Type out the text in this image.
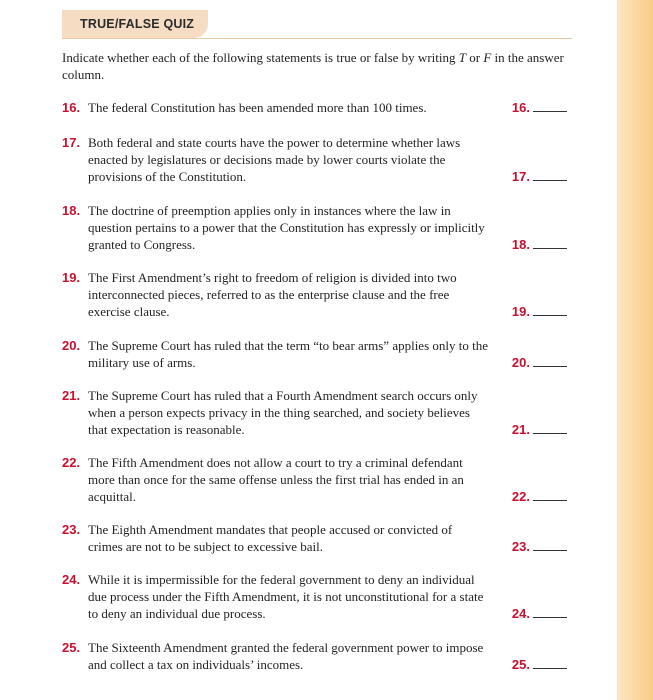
TRUE/FALSE QUIZ
Indicate whether each of the following statements is true or false by writing T or F in the answer column.
16. The federal Constitution has been amended more than 100 times.	16.
17. Both federal and state courts have the power to determine whether laws enacted by legislatures or decisions made by lower courts violate the provisions of the Constitution.	17.
18. The doctrine of preemption applies only in instances where the law in question pertains to a power that the Constitution has expressly or implicitly granted to Congress.	18.
19. The First Amendment’s right to freedom of religion is divided into two interconnected pieces, referred to as the enterprise clause and the free exercise clause.	19.
20. The Supreme Court has ruled that the term “to bear arms” applies only to the military use of arms.	20.
21. The Supreme Court has ruled that a Fourth Amendment search occurs only when a person expects privacy in the thing searched, and society believes that expectation is reasonable.	21.
22. The Fifth Amendment does not allow a court to try a criminal defendant more than once for the same offense unless the first trial has ended in an acquittal.	22.
23. The Eighth Amendment mandates that people accused or convicted of crimes are not to be subject to excessive bail.	23.
24. While it is impermissible for the federal government to deny an individual due process under the Fifth Amendment, it is not unconstitutional for a state to deny an individual due process.	24.
25. The Sixteenth Amendment granted the federal government power to impose and collect a tax on individuals’ incomes.	25.
